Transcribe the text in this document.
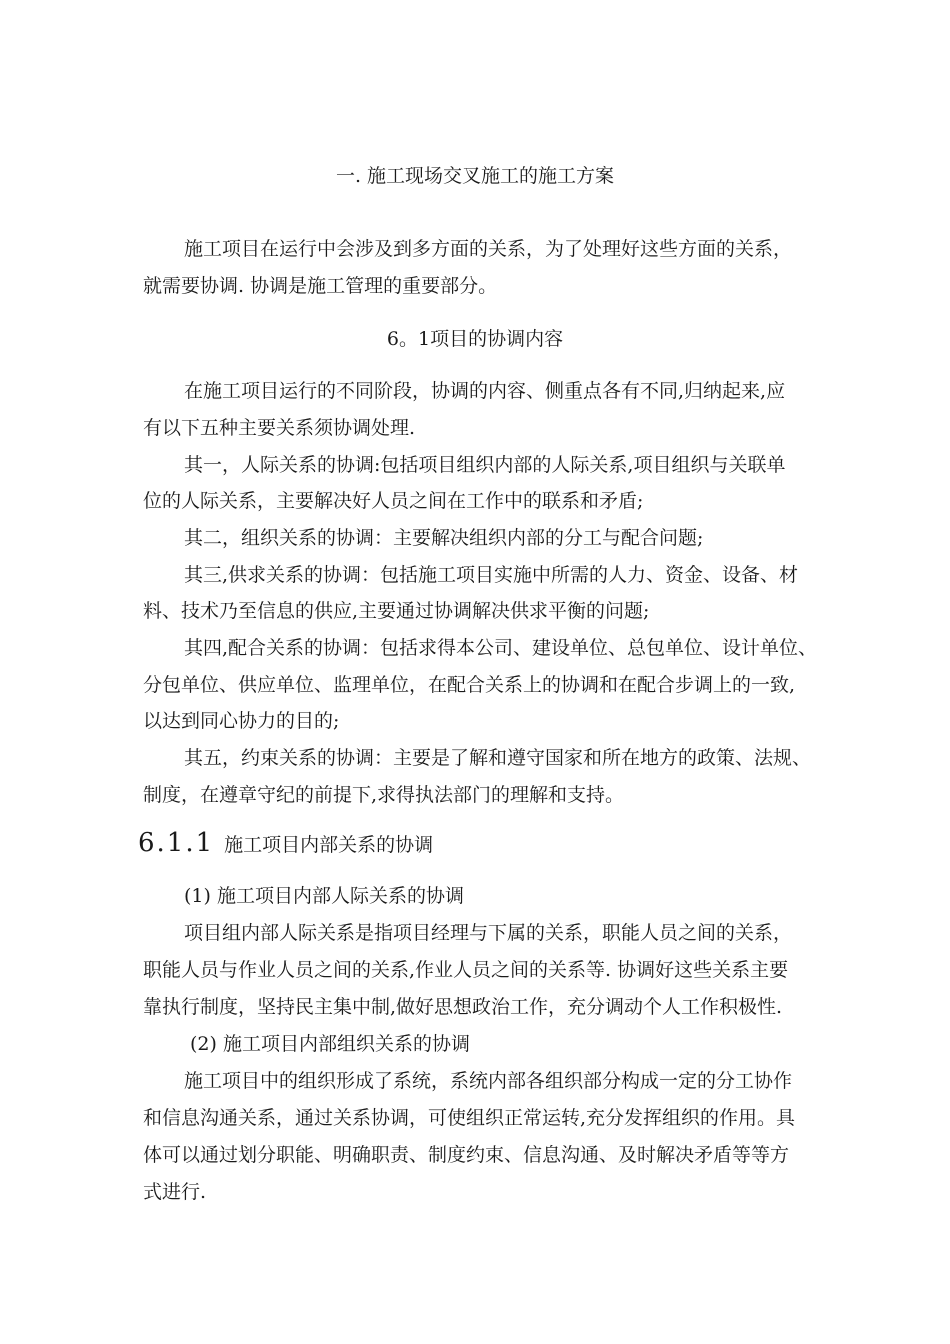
一. 施工现场交叉施工的施工方案

施工项目在运行中会涉及到多方面的关系，为了处理好这些方面的关系，

就需要协调. 协调是施工管理的重要部分。

6。1项目的协调内容

在施工项目运行的不同阶段，协调的内容、侧重点各有不同,归纳起来,应

有以下五种主要关系须协调处理.

其一，人际关系的协调:包括项目组织内部的人际关系,项目组织与关联单

位的人际关系，主要解决好人员之间在工作中的联系和矛盾;

其二，组织关系的协调：主要解决组织内部的分工与配合问题;

其三,供求关系的协调：包括施工项目实施中所需的人力、资金、设备、材

料、技术乃至信息的供应,主要通过协调解决供求平衡的问题;

其四,配合关系的协调：包括求得本公司、建设单位、总包单位、设计单位、

分包单位、供应单位、监理单位，在配合关系上的协调和在配合步调上的一致,

以达到同心协力的目的;

其五，约束关系的协调：主要是了解和遵守国家和所在地方的政策、法规、

制度，在遵章守纪的前提下,求得执法部门的理解和支持。

6.1.1 施工项目内部关系的协调

(1) 施工项目内部人际关系的协调

项目组内部人际关系是指项目经理与下属的关系，职能人员之间的关系，

职能人员与作业人员之间的关系,作业人员之间的关系等. 协调好这些关系主要

靠执行制度，坚持民主集中制,做好思想政治工作，充分调动个人工作积极性.

(2) 施工项目内部组织关系的协调

施工项目中的组织形成了系统，系统内部各组织部分构成一定的分工协作

和信息沟通关系，通过关系协调，可使组织正常运转,充分发挥组织的作用。具

体可以通过划分职能、明确职责、制度约束、信息沟通、及时解决矛盾等等方

式进行.
